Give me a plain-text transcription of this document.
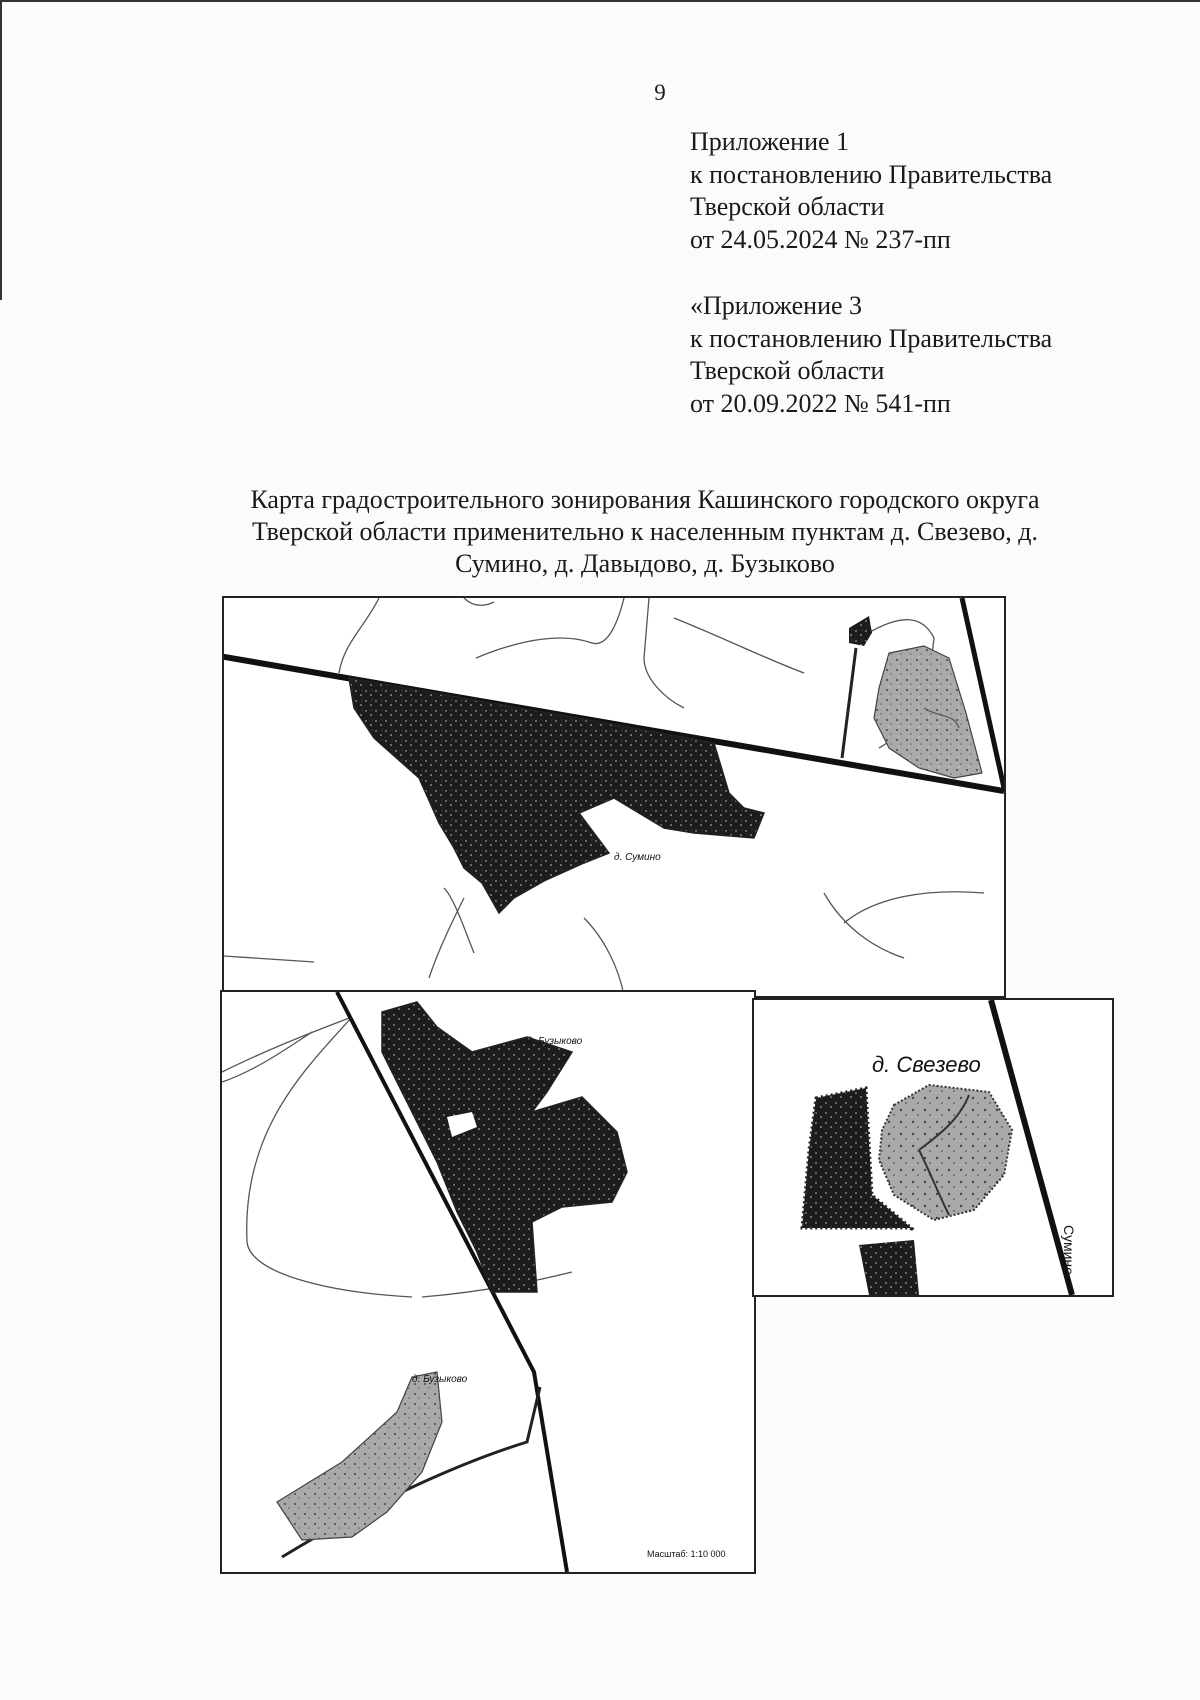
9
Приложение 1
к постановлению Правительства
Тверской области
от 24.05.2024 № 237-пп
«Приложение 3
к постановлению Правительства
Тверской области
от 20.09.2022 № 541-пп
Карта градостроительного зонирования Кашинского городского округа
Тверской области применительно к населенным пунктам д. Свезево, д.
Сумино, д. Давыдово, д. Бузыково
д. Сумино
д. Бузыково
д. Бузыково
Масштаб: 1:10 000
д. Свезево
Сумино
